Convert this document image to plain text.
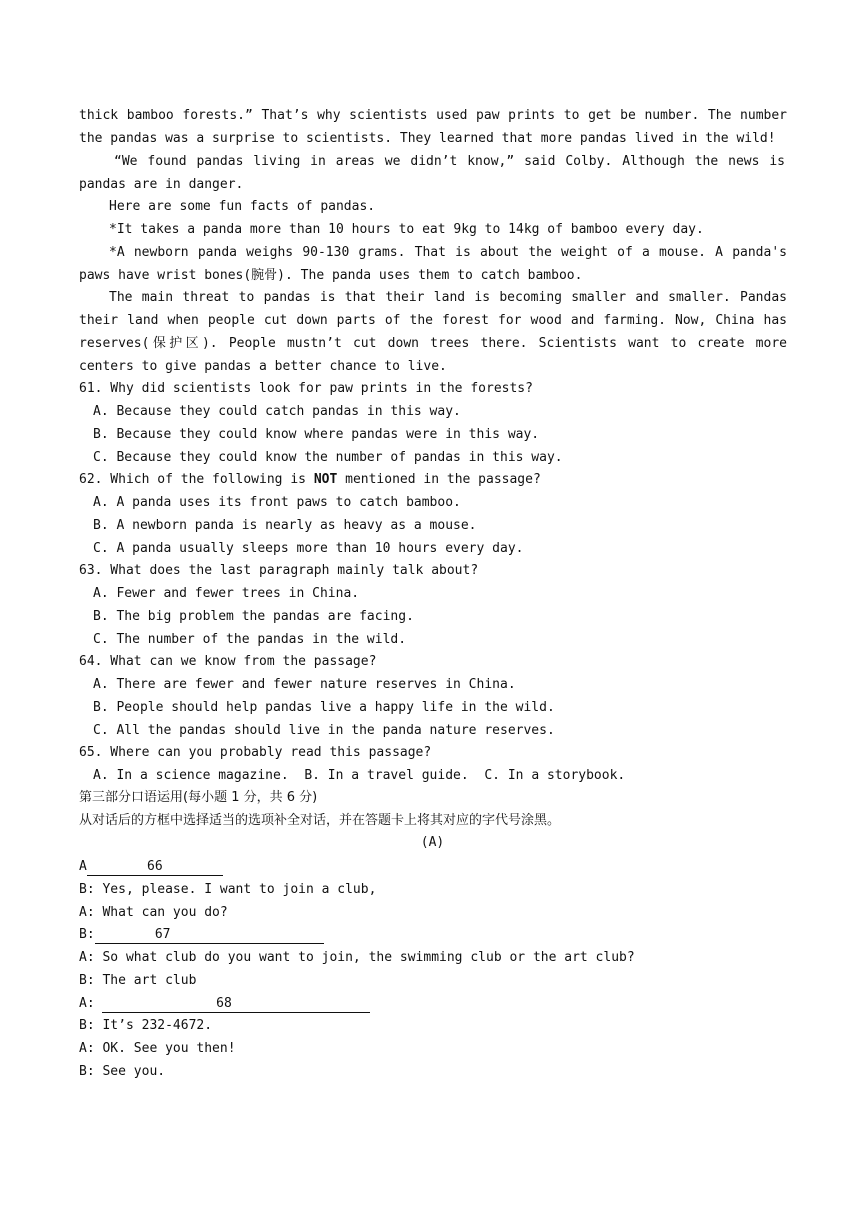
thick bamboo forests.” That’s why scientists used paw prints to get be number. The number
the pandas was a surprise to scientists. They learned that more pandas lived in the wild!
“We found pandas living in areas we didn’t know,” said Colby. Although the news is
pandas are in danger.
Here are some fun facts of pandas.
*It takes a panda more than 10 hours to eat 9kg to 14kg of bamboo every day.
*A newborn panda weighs 90-130 grams. That is about the weight of a mouse. A panda's
paws have wrist bones(腕骨). The panda uses them to catch bamboo.
The main threat to pandas is that their land is becoming smaller and smaller. Pandas
their land when people cut down parts of the forest for wood and farming. Now, China has
reserves(保护区). People mustn’t cut down trees there. Scientists want to create more
centers to give pandas a better chance to live.
61. Why did scientists look for paw prints in the forests?
A. Because they could catch pandas in this way.
B. Because they could know where pandas were in this way.
C. Because they could know the number of pandas in this way.
62. Which of the following is NOT mentioned in the passage?
A. A panda uses its front paws to catch bamboo.
B. A newborn panda is nearly as heavy as a mouse.
C. A panda usually sleeps more than 10 hours every day.
63. What does the last paragraph mainly talk about?
A. Fewer and fewer trees in China.
B. The big problem the pandas are facing.
C. The number of the pandas in the wild.
64. What can we know from the passage?
A. There are fewer and fewer nature reserves in China.
B. People should help pandas live a happy life in the wild.
C. All the pandas should live in the panda nature reserves.
65. Where can you probably read this passage?
A. In a science magazine. B. In a travel guide. C. In a storybook.
第三部分口语运用(每小题 1 分，共 6 分)
从对话后的方框中选择适当的选项补全对话，并在答题卡上将其对应的字代号涂黑。
(A)
A	66
B: Yes, please. I want to join a club,
A: What can you do?
B:	67
A: So what club do you want to join, the swimming club or the art club?
B: The art club
A:	68
B: It’s 232-4672.
A: OK. See you then!
B: See you.
